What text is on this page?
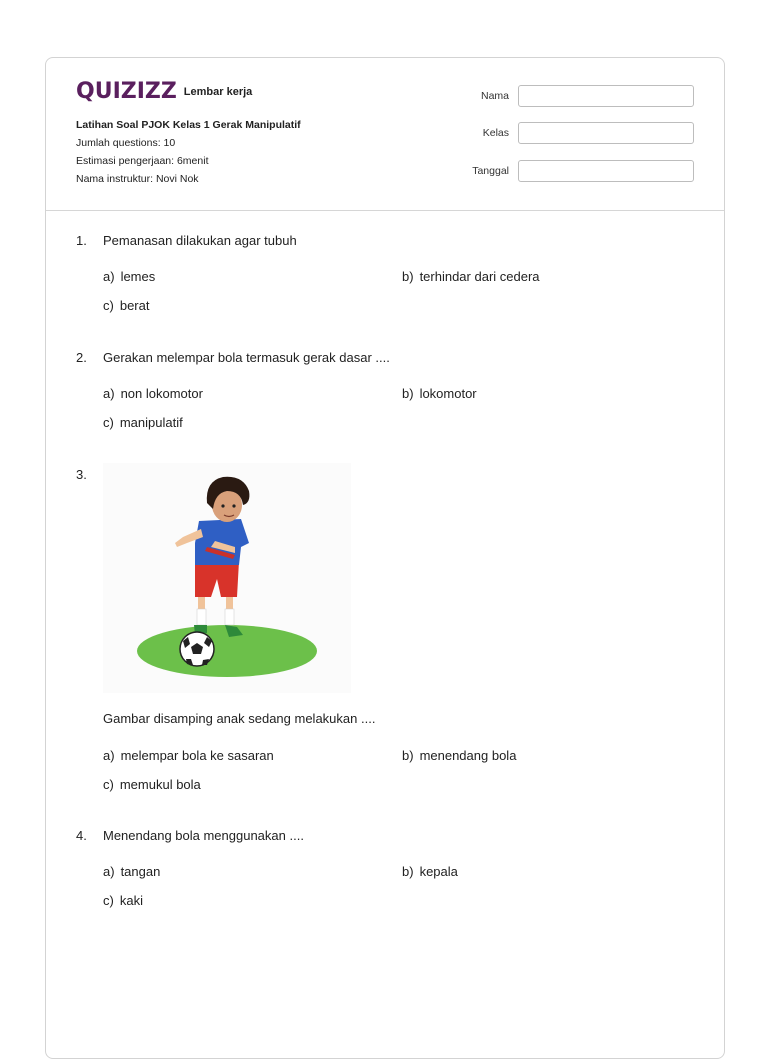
QUIZIZZ Lembar kerja
Latihan Soal PJOK Kelas 1 Gerak Manipulatif
Jumlah questions: 10
Estimasi pengerjaan: 6menit
Nama instruktur: Novi Nok
Nama
Kelas
Tanggal
1. Pemanasan dilakukan agar tubuh
a) lemes	b) terhindar dari cedera
c) berat
2. Gerakan melempar bola termasuk gerak dasar ....
a) non lokomotor	b) lokomotor
c) manipulatif
3.
Gambar disamping anak sedang melakukan ....
a) melempar bola ke sasaran	b) menendang bola
c) memukul bola
4. Menendang bola menggunakan ....
a) tangan	b) kepala
c) kaki
